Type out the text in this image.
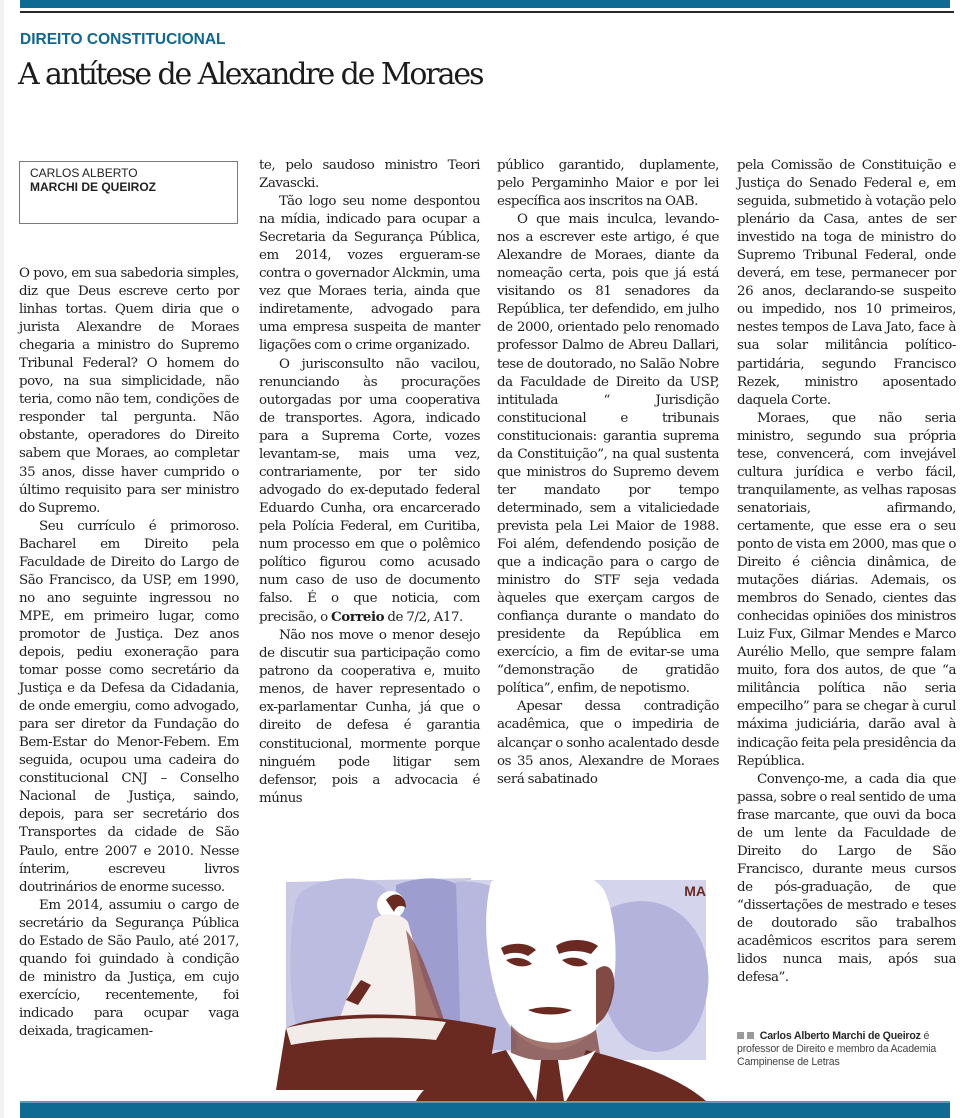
DIREITO CONSTITUCIONAL
A antítese de Alexandre de Moraes
CARLOS ALBERTO
MARCHI DE QUEIROZ

O povo, em sua sabedoria simples, diz que Deus escreve certo por linhas tortas. Quem diria que o jurista Alexandre de Moraes chegaria a ministro do Supremo Tribunal Federal? O homem do povo, na sua simplicidade, não teria, como não tem, condições de responder tal pergunta. Não obstante, operadores do Direito sabem que Moraes, ao completar 35 anos, disse haver cumprido o último requisito para ser ministro do Supremo.

Seu currículo é primoroso. Bacharel em Direito pela Faculdade de Direito do Largo de São Francisco, da USP, em 1990, no ano seguinte ingressou no MPE, em primeiro lugar, como promotor de Justiça. Dez anos depois, pediu exoneração para tomar posse como secretário da Justiça e da Defesa da Cidadania, de onde emergiu, como advogado, para ser diretor da Fundação do Bem-Estar do Menor-Febem. Em seguida, ocupou uma cadeira do constitucional CNJ – Conselho Nacional de Justiça, saindo, depois, para ser secretário dos Transportes da cidade de São Paulo, entre 2007 e 2010. Nesse ínterim, escreveu livros doutrinários de enorme sucesso.

Em 2014, assumiu o cargo de secretário da Segurança Pública do Estado de São Paulo, até 2017, quando foi guindado à condição de ministro da Justiça, em cujo exercício, recentemente, foi indicado para ocupar vaga deixada, tragicamen-

te, pelo saudoso ministro Teori Zavascki.

Tão logo seu nome despontou na mídia, indicado para ocupar a Secretaria da Segurança Pública, em 2014, vozes ergueram-se contra o governador Alckmin, uma vez que Moraes teria, ainda que indiretamente, advogado para uma empresa suspeita de manter ligações com o crime organizado.

O jurisconsulto não vacilou, renunciando às procurações outorgadas por uma cooperativa de transportes. Agora, indicado para a Suprema Corte, vozes levantam-se, mais uma vez, contrariamente, por ter sido advogado do ex-deputado federal Eduardo Cunha, ora encarcerado pela Polícia Federal, em Curitiba, num processo em que o polêmico político figurou como acusado num caso de uso de documento falso. É o que noticia, com precisão, o Correio de 7/2, A17.

Não nos move o menor desejo de discutir sua participação como patrono da cooperativa e, muito menos, de haver representado o ex-parlamentar Cunha, já que o direito de defesa é garantia constitucional, mormente porque ninguém pode litigar sem defensor, pois a advocacia é múnus

público garantido, duplamente, pelo Pergaminho Maior e por lei específica aos inscritos na OAB.

O que mais inculca, levando-nos a escrever este artigo, é que Alexandre de Moraes, diante da nomeação certa, pois que já está visitando os 81 senadores da República, ter defendido, em julho de 2000, orientado pelo renomado professor Dalmo de Abreu Dallari, tese de doutorado, no Salão Nobre da Faculdade de Direito da USP, intitulada “ Jurisdição constitucional e tribunais constitucionais: garantia suprema da Constituição”, na qual sustenta que ministros do Supremo devem ter mandato por tempo determinado, sem a vitaliciedade prevista pela Lei Maior de 1988. Foi além, defendendo posição de que a indicação para o cargo de ministro do STF seja vedada àqueles que exerçam cargos de confiança durante o mandato do presidente da República em exercício, a fim de evitar-se uma “demonstração de gratidão política”, enfim, de nepotismo.

Apesar dessa contradição acadêmica, que o impediria de alcançar o sonho acalentado desde os 35 anos, Alexandre de Moraes será sabatinado

pela Comissão de Constituição e Justiça do Senado Federal e, em seguida, submetido à votação pelo plenário da Casa, antes de ser investido na toga de ministro do Supremo Tribunal Federal, onde deverá, em tese, permanecer por 26 anos, declarando-se suspeito ou impedido, nos 10 primeiros, nestes tempos de Lava Jato, face à sua solar militância político-partidária, segundo Francisco Rezek, ministro aposentado daquela Corte.

Moraes, que não seria ministro, segundo sua própria tese, convencerá, com invejável cultura jurídica e verbo fácil, tranquilamente, as velhas raposas senatoriais, afirmando, certamente, que esse era o seu ponto de vista em 2000, mas que o Direito é ciência dinâmica, de mutações diárias. Ademais, os membros do Senado, cientes das conhecidas opiniões dos ministros Luiz Fux, Gilmar Mendes e Marco Aurélio Mello, que sempre falam muito, fora dos autos, de que “a militância política não seria empecilho” para se chegar à curul máxima judiciária, darão aval à indicação feita pela presidência da República.

Convenço-me, a cada dia que passa, sobre o real sentido de uma frase marcante, que ouvi da boca de um lente da Faculdade de Direito do Largo de São Francisco, durante meus cursos de pós-graduação, de que “dissertações de mestrado e teses de doutorado são trabalhos acadêmicos escritos para serem lidos nunca mais, após sua defesa”.

Carlos Alberto Marchi de Queiroz é professor de Direito e membro da Academia Campinense de Letras
MA
